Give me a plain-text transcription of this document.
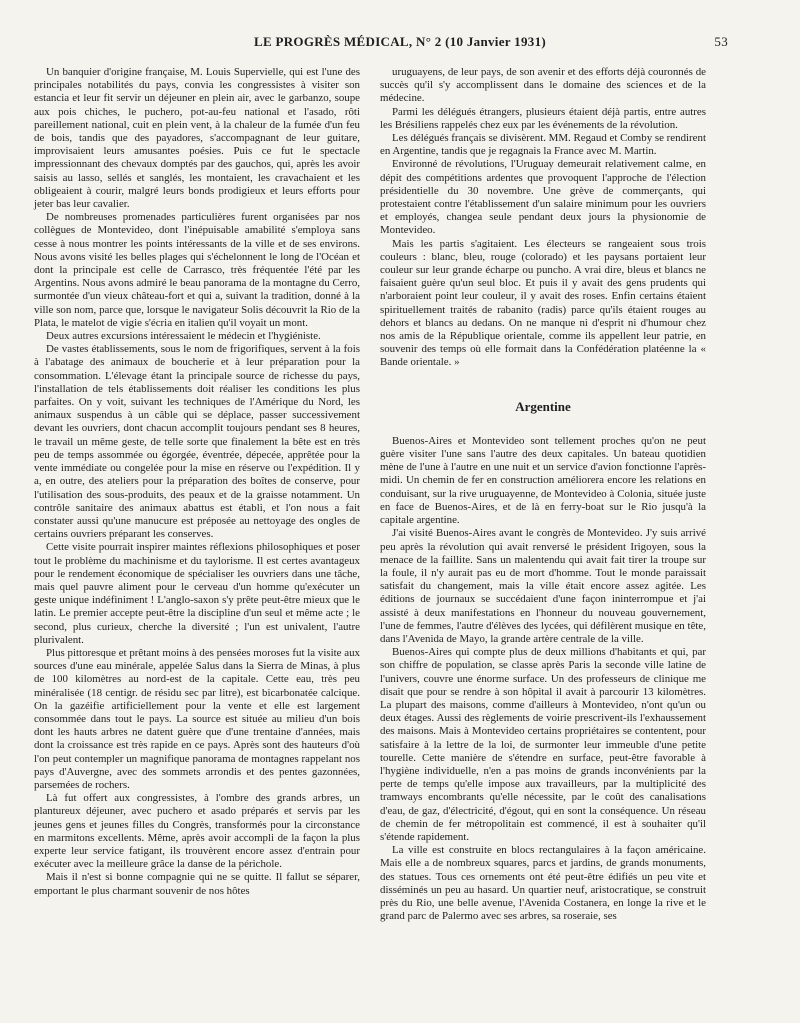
LE PROGRÈS MÉDICAL, N° 2 (10 Janvier 1931)	53

Un banquier d'origine française, M. Louis Supervielle, qui est l'une des principales notabilités du pays, convia les congressistes à visiter son estancia et leur fit servir un déjeuner en plein air, avec le garbanzo, soupe aux pois chiches, le puchero, pot-au-feu national et l'asado, rôti pareillement national, cuit en plein vent, à la chaleur de la fumée d'un feu de bois, tandis que des payadores, s'accompagnant de leur guitare, improvisaient leurs amusantes poésies. Puis ce fut le spectacle impressionnant des chevaux domptés par des gauchos, qui, après les avoir saisis au lasso, sellés et sanglés, les montaient, les cravachaient et les obligeaient à courir, malgré leurs bonds prodigieux et leurs efforts pour jeter bas leur cavalier.

De nombreuses promenades particulières furent organisées par nos collègues de Montevideo, dont l'inépuisable amabilité s'employa sans cesse à nous montrer les points intéressants de la ville et de ses environs. Nous avons visité les belles plages qui s'échelonnent le long de l'Océan et dont la principale est celle de Carrasco, très fréquentée l'été par les Argentins. Nous avons admiré le beau panorama de la montagne du Cerro, surmontée d'un vieux château-fort et qui a, suivant la tradition, donné à la ville son nom, parce que, lorsque le navigateur Solis découvrit la Rio de la Plata, le matelot de vigie s'écria en italien qu'il voyait un mont.

Deux autres excursions intéressaient le médecin et l'hygiéniste.

De vastes établissements, sous le nom de frigorifiques, servent à la fois à l'abatage des animaux de boucherie et à leur préparation pour la consommation. L'élevage étant la principale source de richesse du pays, l'installation de tels établissements doit réaliser les conditions les plus parfaites. On y voit, suivant les techniques de l'Amérique du Nord, les animaux suspendus à un câble qui se déplace, passer successivement devant les ouvriers, dont chacun accomplit toujours pendant ses 8 heures, le travail un même geste, de telle sorte que finalement la bête est en très peu de temps assommée ou égorgée, éventrée, dépecée, apprêtée pour la vente immédiate ou congelée pour la mise en réserve ou l'expédition. Il y a, en outre, des ateliers pour la préparation des boîtes de conserve, pour l'utilisation des sous-produits, des peaux et de la graisse notamment. Un contrôle sanitaire des animaux abattus est établi, et l'on nous a fait constater aussi qu'une manucure est préposée au nettoyage des ongles de certains ouvriers préparant les conserves.

Cette visite pourrait inspirer maintes réflexions philosophiques et poser tout le problème du machinisme et du taylorisme. Il est certes avantageux pour le rendement économique de spécialiser les ouvriers dans une tâche, mais quel pauvre aliment pour le cerveau d'un homme qu'exécuter un geste unique indéfiniment ! L'anglo-saxon s'y prête peut-être mieux que le latin. Le premier accepte peut-être la discipline d'un seul et même acte ; le second, plus curieux, cherche la diversité ; l'un est univalent, l'autre plurivalent.

Plus pittoresque et prêtant moins à des pensées moroses fut la visite aux sources d'une eau minérale, appelée Salus dans la Sierra de Minas, à plus de 100 kilomètres au nord-est de la capitale. Cette eau, très peu minéralisée (18 centigr. de résidu sec par litre), est bicarbonatée calcique. On la gazéifie artificiellement pour la vente et elle est largement consommée dans tout le pays. La source est située au milieu d'un bois dont les hauts arbres ne datent guère que d'une trentaine d'années, mais dont la croissance est très rapide en ce pays. Après sont des hauteurs d'où l'on peut contempler un magnifique panorama de montagnes rappelant nos pays d'Auvergne, avec des sommets arrondis et des pentes gazonnées, parsemées de rochers.

Là fut offert aux congressistes, à l'ombre des grands arbres, un plantureux déjeuner, avec puchero et asado préparés et servis par les jeunes gens et jeunes filles du Congrès, transformés pour la circonstance en marmitons excellents. Même, après avoir accompli de la façon la plus experte leur service fatigant, ils trouvèrent encore assez d'entrain pour exécuter avec la meilleure grâce la danse de la périchole.

Mais il n'est si bonne compagnie qui ne se quitte. Il fallut se séparer, emportant le plus charmant souvenir de nos hôtes

uruguayens, de leur pays, de son avenir et des efforts déjà couronnés de succès qu'il s'y accomplissent dans le domaine des sciences et de la médecine.

Parmi les délégués étrangers, plusieurs étaient déjà partis, entre autres les Brésiliens rappelés chez eux par les événements de la révolution.

Les délégués français se divisèrent. MM. Regaud et Comby se rendirent en Argentine, tandis que je regagnais la France avec M. Martin.

Environné de révolutions, l'Uruguay demeurait relativement calme, en dépit des compétitions ardentes que provoquent l'approche de l'élection présidentielle du 30 novembre. Une grève de commerçants, qui protestaient contre l'établissement d'un salaire minimum pour les ouvriers et employés, changea seule pendant deux jours la physionomie de Montevideo.

Mais les partis s'agitaient. Les électeurs se rangeaient sous trois couleurs : blanc, bleu, rouge (colorado) et les paysans portaient leur couleur sur leur grande écharpe ou puncho. A vrai dire, bleus et blancs ne faisaient guère qu'un seul bloc. Et puis il y avait des gens prudents qui n'arboraient point leur couleur, il y avait des roses. Enfin certains étaient spirituellement traités de rabanito (radis) parce qu'ils étaient rouges au dehors et blancs au dedans. On ne manque ni d'esprit ni d'humour chez nos amis de la République orientale, comme ils appellent leur patrie, en souvenir des temps où elle formait dans la Confédération platéenne la « Bande orientale. »

Argentine

Buenos-Aires et Montevideo sont tellement proches qu'on ne peut guère visiter l'une sans l'autre des deux capitales. Un bateau quotidien mène de l'une à l'autre en une nuit et un service d'avion fonctionne l'après-midi. Un chemin de fer en construction améliorera encore les relations en conduisant, sur la rive uruguayenne, de Montevideo à Colonia, située juste en face de Buenos-Aires, et de là en ferry-boat sur le Rio jusqu'à la capitale argentine.

J'ai visité Buenos-Aires avant le congrès de Montevideo. J'y suis arrivé peu après la révolution qui avait renversé le président Irigoyen, sous la menace de la faillite. Sans un malentendu qui avait fait tirer la troupe sur la foule, il n'y aurait pas eu de mort d'homme. Tout le monde paraissait satisfait du changement, mais la ville était encore assez agitée. Les éditions de journaux se succédaient d'une façon ininterrompue et j'ai assisté à deux manifestations en l'honneur du nouveau gouvernement, l'une de femmes, l'autre d'élèves des lycées, qui défilèrent musique en tête, dans l'Avenida de Mayo, la grande artère centrale de la ville.

Buenos-Aires qui compte plus de deux millions d'habitants et qui, par son chiffre de population, se classe après Paris la seconde ville latine de l'univers, couvre une énorme surface. Un des professeurs de clinique me disait que pour se rendre à son hôpital il avait à parcourir 13 kilomètres. La plupart des maisons, comme d'ailleurs à Montevideo, n'ont qu'un ou deux étages. Aussi des règlements de voirie prescrivent-ils l'exhaussement des maisons. Mais à Montevideo certains propriétaires se contentent, pour satisfaire à la lettre de la loi, de surmonter leur immeuble d'une petite tourelle. Cette manière de s'étendre en surface, peut-être favorable à l'hygiène individuelle, n'en a pas moins de grands inconvénients par la perte de temps qu'elle impose aux travailleurs, par la multiplicité des tramways encombrants qu'elle nécessite, par le coût des canalisations d'eau, de gaz, d'électricité, d'égout, qui en sont la conséquence. Un réseau de chemin de fer métropolitain est commencé, il est à souhaiter qu'il s'étende rapidement.

La ville est construite en blocs rectangulaires à la façon américaine. Mais elle a de nombreux squares, parcs et jardins, de grands monuments, des statues. Tous ces ornements ont été peut-être édifiés un peu vite et disséminés un peu au hasard. Un quartier neuf, aristocratique, se construit près du Rio, une belle avenue, l'Avenida Costanera, en longe la rive et le grand parc de Palermo avec ses arbres, sa roseraie, ses
